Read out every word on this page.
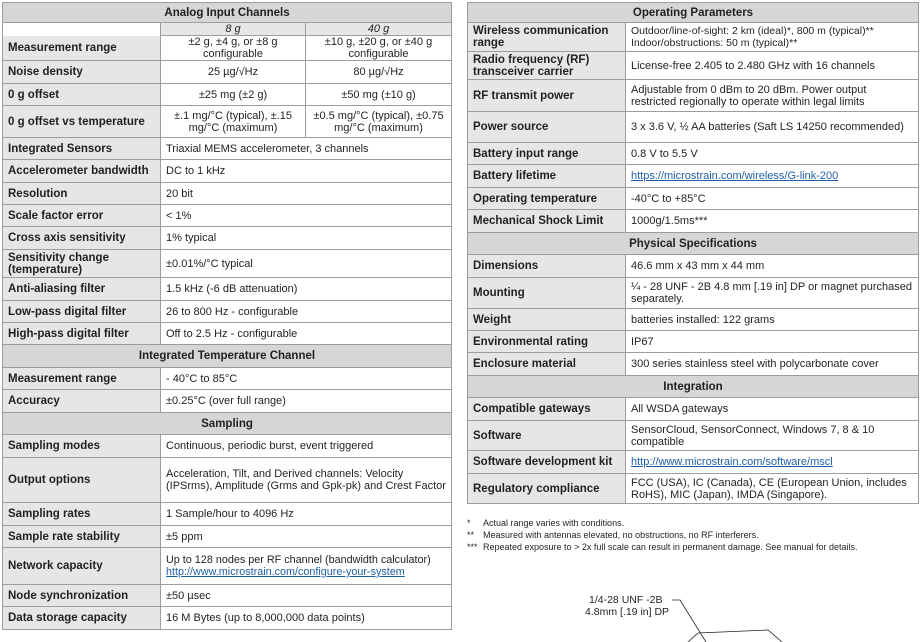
Analog Input Channels		
	8 g	40 g
Measurement range	±2 g, ±4 g, or ±8 g configurable	±10 g, ±20 g, or ±40 g configurable
Noise density	25 µg/√Hz	80 µg/√Hz
0 g offset	±25 mg (±2 g)	±50 mg (±10 g)
0 g offset vs temperature	±.1 mg/°C (typical), ±.15 mg/°C (maximum)	±0.5 mg/°C (typical), ±0.75 mg/°C (maximum)
Integrated Sensors	Triaxial MEMS accelerometer, 3 channels	
Accelerometer bandwidth	DC to 1 kHz	
Resolution	20 bit	
Scale factor error	< 1%	
Cross axis sensitivity	1% typical	
Sensitivity change (temperature)	±0.01%/°C typical	
Anti-aliasing filter	1.5 kHz (-6 dB attenuation)	
Low-pass digital filter	26 to 800 Hz - configurable	
High-pass digital filter	Off to 2.5 Hz - configurable	
Integrated Temperature Channel		
Measurement range	- 40°C to 85°C	
Accuracy	±0.25°C (over full range)	
Sampling		
Sampling modes	Continuous, periodic burst, event triggered	
Output options	Acceleration, Tilt, and Derived channels: Velocity (IPSrms), Amplitude (Grms and Gpk-pk) and Crest Factor	
Sampling rates	1 Sample/hour to 4096 Hz	
Sample rate stability	±5 ppm	
Network capacity	Up to 128 nodes per RF channel (bandwidth calculator)
http://www.microstrain.com/configure-your-system	
Node synchronization	±50 µsec	
Data storage capacity	16 M Bytes (up to 8,000,000 data points)	
Operating Parameters	
Wireless communication range	Outdoor/line-of-sight: 2 km (ideal)*, 800 m (typical)**
Indoor/obstructions: 50 m (typical)**

Radio frequency (RF) transceiver carrier	License-free 2.405 to 2.480 GHz with 16 channels
RF transmit power	Adjustable from 0 dBm to 20 dBm. Power output restricted regionally to operate within legal limits
Power source	3 x 3.6 V, ½ AA batteries (Saft LS 14250 recommended)
Battery input range	0.8 V to 5.5 V
Battery lifetime	https://microstrain.com/wireless/G-link-200
Operating temperature	-40°C to +85°C
Mechanical Shock Limit	1000g/1.5ms***
Physical Specifications	
Dimensions	46.6 mm x 43 mm x 44 mm
Mounting	¼ - 28 UNF - 2B 4.8 mm [.19 in] DP or magnet purchased separately.
Weight	batteries installed: 122 grams
Environmental rating	IP67
Enclosure material	300 series stainless steel with polycarbonate cover
Integration	
Compatible gateways	All WSDA gateways
Software	SensorCloud, SensorConnect, Windows 7, 8 & 10 compatible
Software development kit	http://www.microstrain.com/software/mscl
Regulatory compliance	FCC (USA), IC (Canada), CE (European Union, includes RoHS), MIC (Japan), IMDA (Singapore).
*	Actual range varies with conditions.
** Measured with antennas elevated, no obstructions, no RF interferers.
*** Repeated exposure to > 2x full scale can result in permanent damage. See manual for details.
1/4-28 UNF -2B
4.8mm [.19 in] DP
